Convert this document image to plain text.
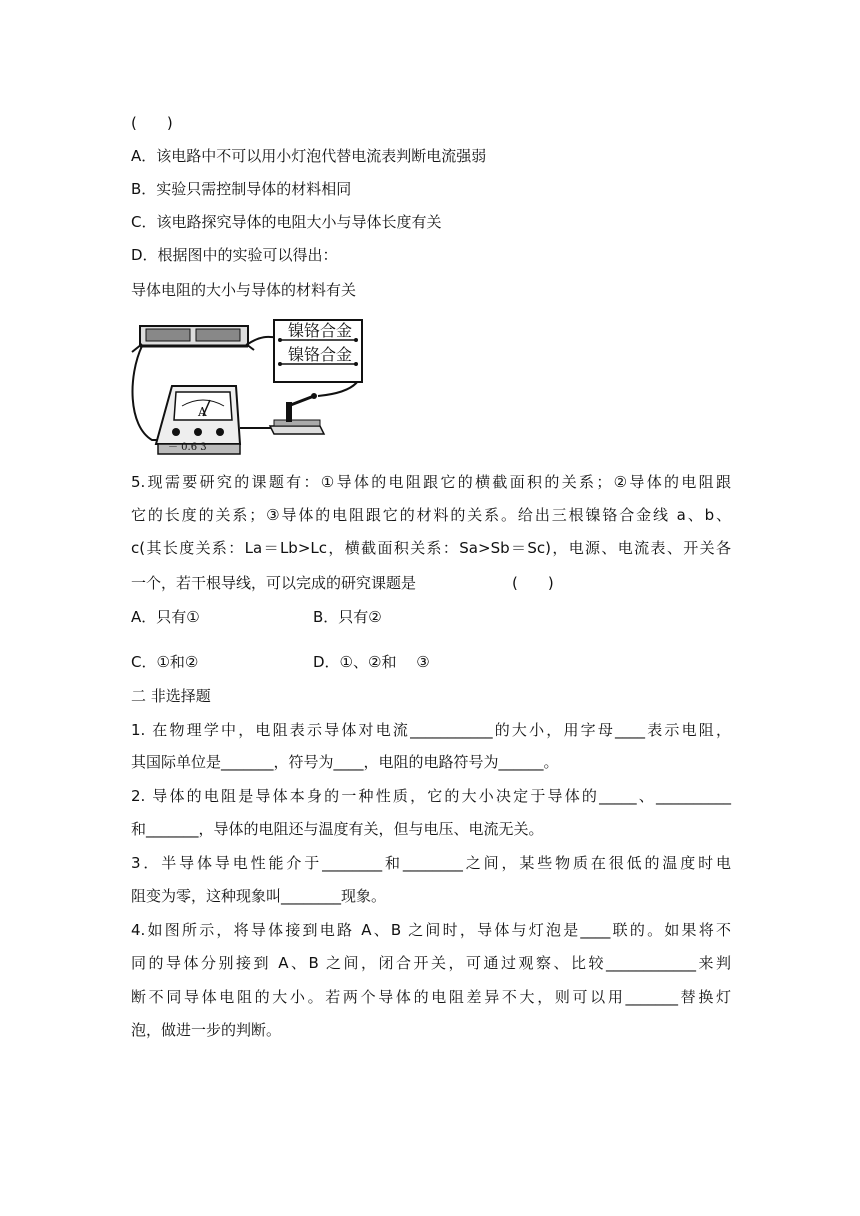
(　　)
A．该电路中不可以用小灯泡代替电流表判断电流强弱
B．实验只需控制导体的材料相同
C．该电路探究导体的电阻大小与导体长度有关
D．根据图中的实验可以得出：
导体电阻的大小与导体的材料有关
镍铬合金
镍铬合金
A
－ 0.6 3
5.现需要研究的课题有：①导体的电阻跟它的横截面积的关系；②导体的电阻跟
它的长度的关系；③导体的电阻跟它的材料的关系。给出三根镍铬合金线 a、b、
c(其长度关系：La＝Lb>Lc，横截面积关系：Sa>Sb＝Sc)，电源、电流表、开关各
一个，若干根导线，可以完成的研究课题是	(　　)
A．只有①	B．只有②
C．①和②	D．①、②和　 ③
二 非选择题
1. 在物理学中，电阻表示导体对电流___________的大小，用字母____表示电阻，
其国际单位是_______，符号为____，电阻的电路符号为______。
2. 导体的电阻是导体本身的一种性质，它的大小决定于导体的_____、__________
和_______，导体的电阻还与温度有关，但与电压、电流无关。
3．半导体导电性能介于________和________之间，某些物质在很低的温度时电
阻变为零，这种现象叫________现象。
4.如图所示，将导体接到电路 A、B 之间时，导体与灯泡是____联的。如果将不
同的导体分别接到 A、B 之间，闭合开关，可通过观察、比较____________来判
断不同导体电阻的大小。若两个导体的电阻差异不大，则可以用_______替换灯
泡，做进一步的判断。
